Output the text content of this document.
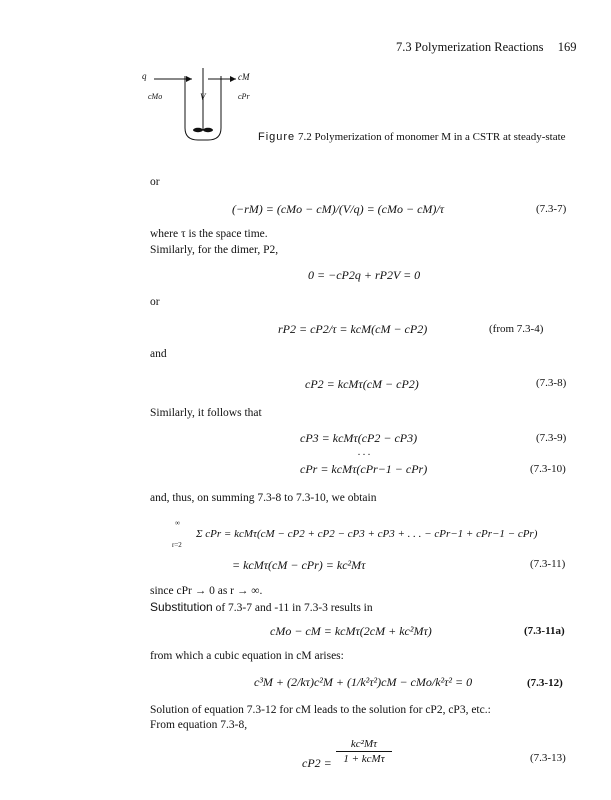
7.3 Polymerization Reactions 169
q	cM
cMo	V	cPr
Figure 7.2 Polymerization of monomer M in a CSTR at steady-state
or
(−rM) = (cMo − cM)/(V/q) = (cMo − cM)/τ	(7.3-7)
where τ is the space time.
Similarly, for the dimer, P2,
0 = −cP2q + rP2V = 0
or
rP2 = cP2/τ = kcM(cM − cP2)	(from 7.3-4)
and
cP2 = kcMτ(cM − cP2)	(7.3-8)
Similarly, it follows that
cP3 = kcMτ(cP2 − cP3)	(7.3-9)
. . .
cPr = kcMτ(cPr−1 − cPr)	(7.3-10)
and, thus, on summing 7.3-8 to 7.3-10, we obtain
∞
Σ cPr = kcMτ(cM − cP2 + cP2 − cP3 + cP3 + . . . − cPr−1 + cPr−1 − cPr)
r=2
= kcMτ(cM − cPr) = kc²Mτ	(7.3-11)
since cPr → 0 as r → ∞.
Substitution of 7.3-7 and -11 in 7.3-3 results in
cMo − cM = kcMτ(2cM + kc²Mτ)	(7.3-11a)
from which a cubic equation in cM arises:
c³M + (2/kτ)c²M + (1/k²τ²)cM − cMo/k²τ² = 0	(7.3-12)
Solution of equation 7.3-12 for cM leads to the solution for cP2, cP3, etc.:
From equation 7.3-8,
cP2 =
kc²Mτ
1 + kcMτ	(7.3-13)
